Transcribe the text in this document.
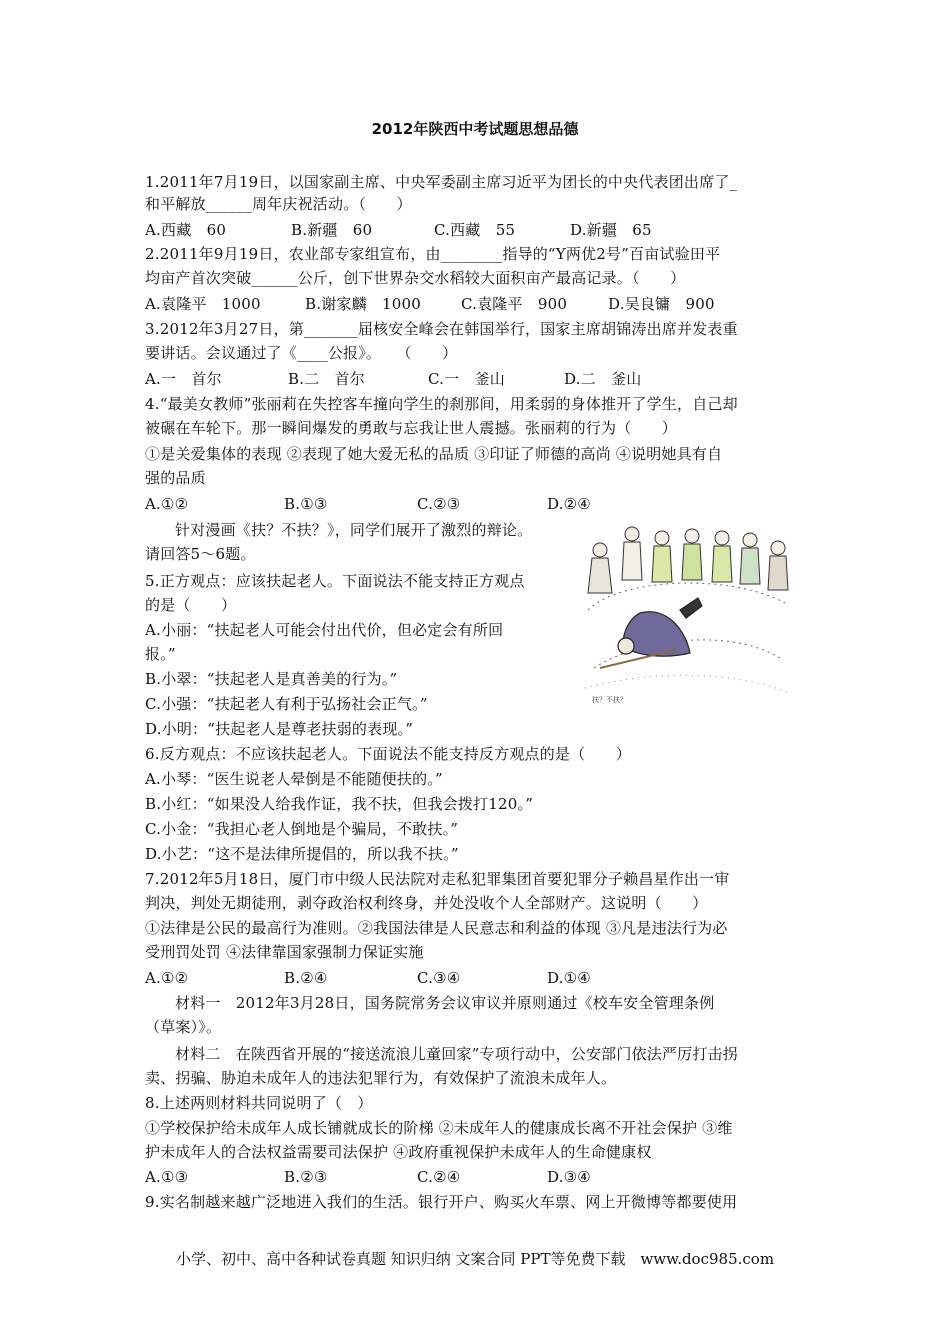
2012年陕西中考试题思想品德
1.2011年7月19日，以国家副主席、中央军委副主席习近平为团长的中央代表团出席了_
和平解放______周年庆祝活动。（　　）
A.西藏　60	B.新疆　60	C.西藏　55	D.新疆　65
2.2011年9月19日，农业部专家组宣布，由________指导的“Y两优2号”百亩试验田平
均亩产首次突破______公斤，创下世界杂交水稻较大面积亩产最高记录。（　　）
A.袁隆平　1000	B.谢家麟　1000	C.袁隆平　900	D.吴良镛　900
3.2012年3月27日，第_______届核安全峰会在韩国举行，国家主席胡锦涛出席并发表重
要讲话。会议通过了《____公报》。　　（　　）
A.一　首尔	B.二　首尔	C.一　釜山	D.二　釜山
4.“最美女教师”张丽莉在失控客车撞向学生的刹那间，用柔弱的身体推开了学生，自己却
被碾在车轮下。那一瞬间爆发的勇敢与忘我让世人震撼。张丽莉的行为（　　）
①是关爱集体的表现 ②表现了她大爱无私的品质 ③印证了师德的高尚 ④说明她具有自
强的品质
A.①②	B.①③	C.②③	D.②④
针对漫画《扶？不扶？》，同学们展开了激烈的辩论。
请回答5～6题。
5.正方观点：应该扶起老人。下面说法不能支持正方观点
的是（　　）
A.小丽：“扶起老人可能会付出代价，但必定会有所回
报。”
B.小翠：“扶起老人是真善美的行为。”
C.小强：“扶起老人有利于弘扬社会正气。”
D.小明：“扶起老人是尊老扶弱的表现。”
扶？不扶？
6.反方观点：不应该扶起老人。下面说法不能支持反方观点的是（　　）
A.小琴：“医生说老人晕倒是不能随便扶的。”
B.小红：“如果没人给我作证，我不扶，但我会拨打120。”
C.小金：“我担心老人倒地是个骗局，不敢扶。”
D.小艺：“这不是法律所提倡的，所以我不扶。”
7.2012年5月18日，厦门市中级人民法院对走私犯罪集团首要犯罪分子赖昌星作出一审
判决，判处无期徒刑，剥夺政治权利终身，并处没收个人全部财产。这说明（　　）
①法律是公民的最高行为准则。②我国法律是人民意志和利益的体现 ③凡是违法行为必
受刑罚处罚 ④法律靠国家强制力保证实施
A.①②	B.②④	C.③④	D.①④
材料一　2012年3月28日，国务院常务会议审议并原则通过《校车安全管理条例
（草案）》。
材料二　在陕西省开展的“接送流浪儿童回家”专项行动中，公安部门依法严厉打击拐
卖、拐骗、胁迫未成年人的违法犯罪行为，有效保护了流浪未成年人。
8.上述两则材料共同说明了（　）
①学校保护给未成年人成长铺就成长的阶梯 ②未成年人的健康成长离不开社会保护 ③维
护未成年人的合法权益需要司法保护 ④政府重视保护未成年人的生命健康权
A.①③	B.②③	C.②④	D.③④
9.实名制越来越广泛地进入我们的生活。银行开户、购买火车票、网上开微博等都要使用
小学、初中、高中各种试卷真题 知识归纳 文案合同 PPT等免费下载　www.doc985.com
